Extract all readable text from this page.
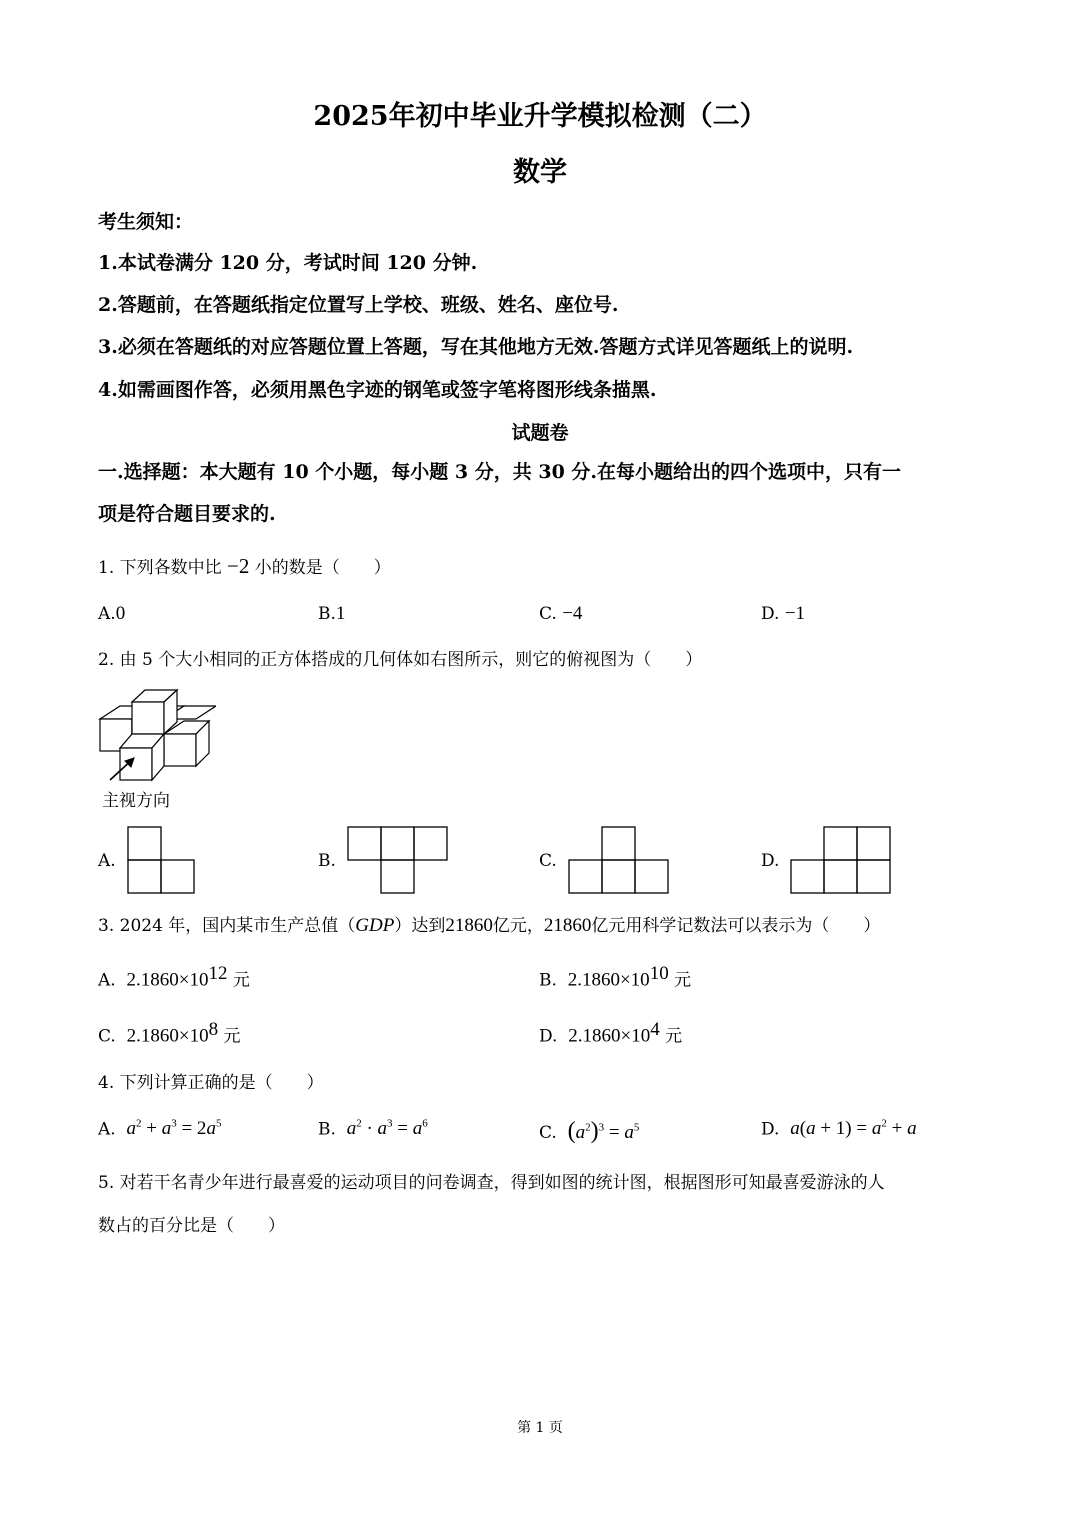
2025年初中毕业升学模拟检测（二）
数学
考生须知：
1.本试卷满分 120 分，考试时间 120 分钟.
2.答题前，在答题纸指定位置写上学校、班级、姓名、座位号.
3.必须在答题纸的对应答题位置上答题，写在其他地方无效.答题方式详见答题纸上的说明.
4.如需画图作答，必须用黑色字迹的钢笔或签字笔将图形线条描黑.
试题卷
一.选择题：本大题有 10 个小题，每小题 3 分，共 30 分.在每小题给出的四个选项中，只有一
项是符合题目要求的.
1. 下列各数中比 −2 小的数是（　　）
A.0	B.1	C. −4	D. −1
2. 由 5 个大小相同的正方体搭成的几何体如右图所示，则它的俯视图为（　　）
主视方向
A.	B.	C.	D.
3. 2024 年，国内某市生产总值（GDP）达到21860亿元，21860亿元用科学记数法可以表示为（　　）
A. $2.1860\times 10^{12}$ 元	B. $2.1860\times 10^{10}$ 元
C. $2.1860\times 10^8$ 元	D. $2.1860\times 10^4$ 元
4. 下列计算正确的是（　　）
A. $a^2 + a^3 = 2a^5$	B. $a^2 \cdot a^3 = a^6$	C. $(a^2)^3 = a^5$	D. $a(a + 1) = a^2 + a$
5. 对若干名青少年进行最喜爱的运动项目的问卷调查，得到如图的统计图，根据图形可知最喜爱游泳的人
数占的百分比是（　　）
第 1 页
